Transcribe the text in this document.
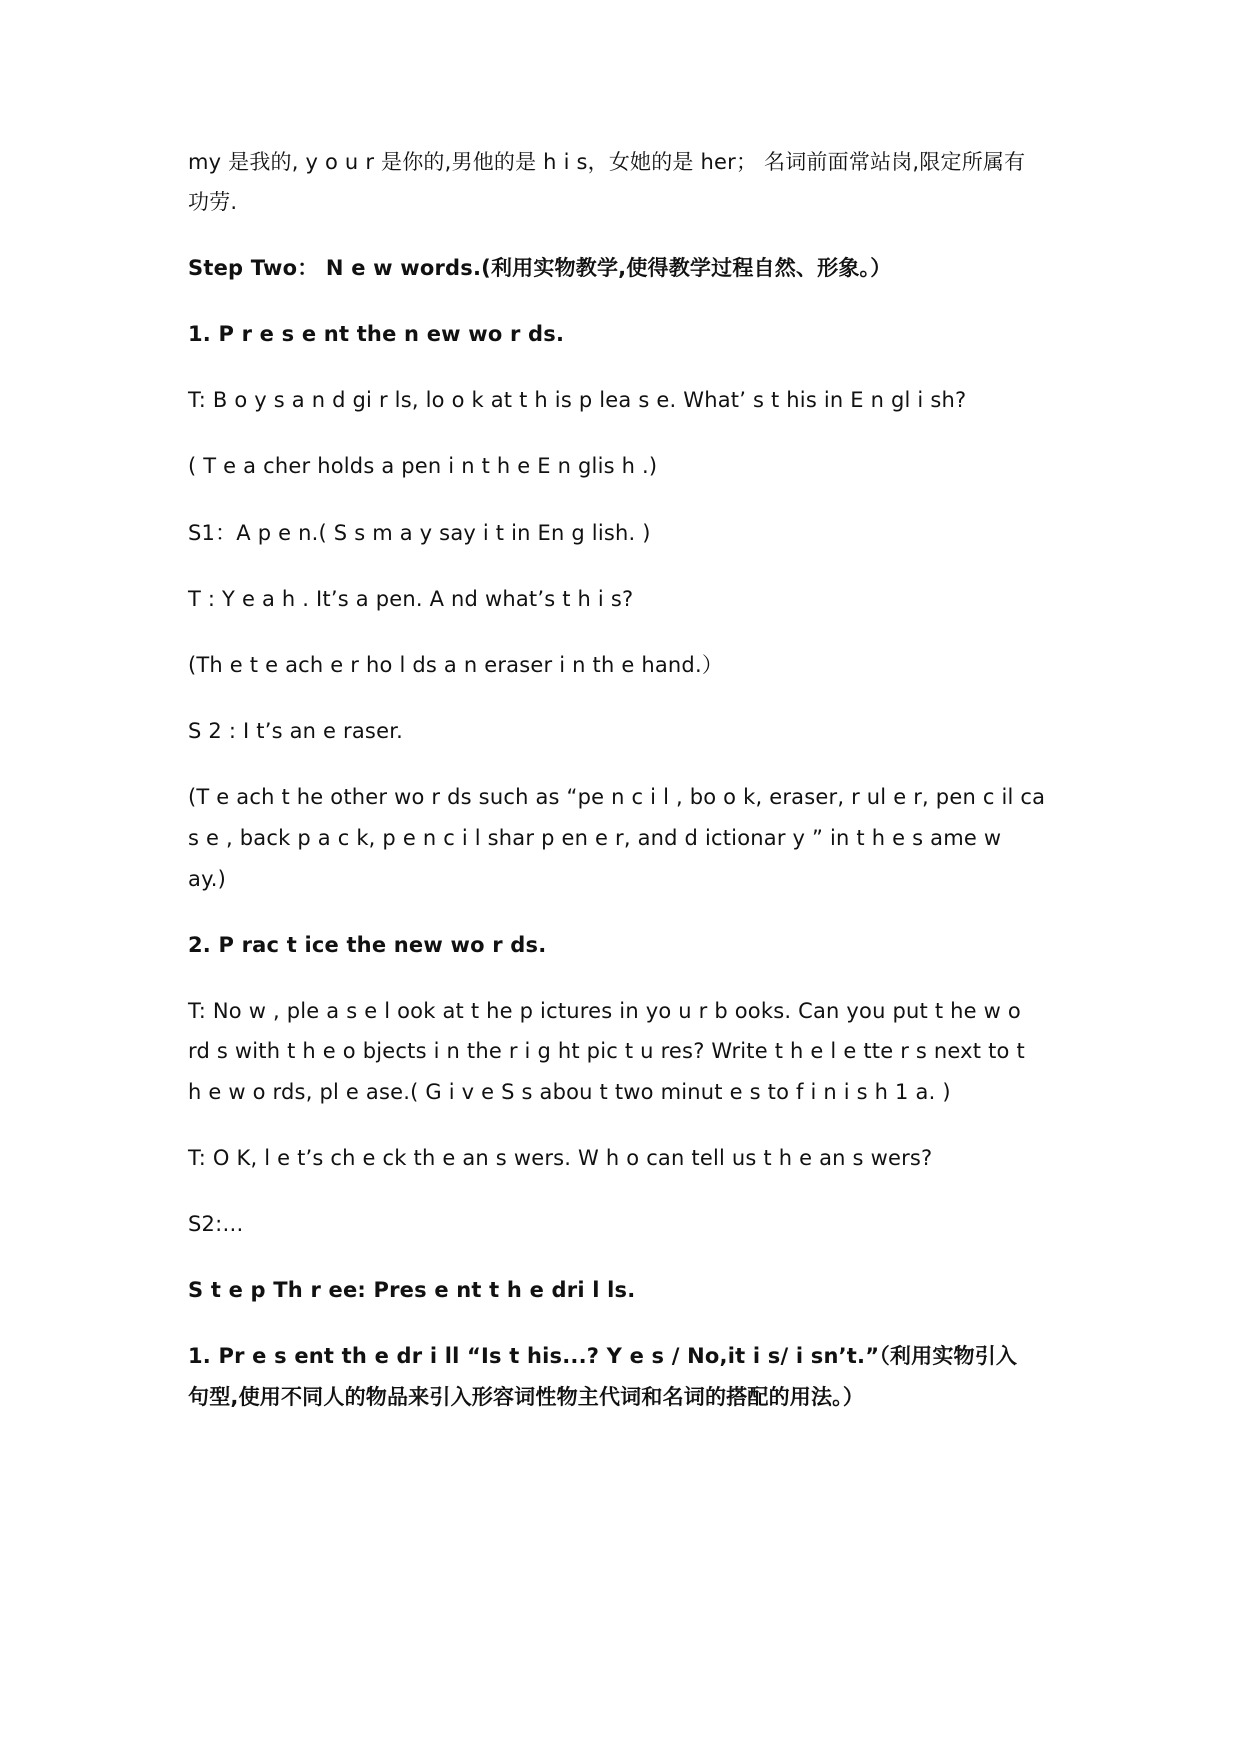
my 是我的, y o u r 是你的,男他的是 h i s，女她的是 her； 名词前面常站岗,限定所属有
功劳.
Step Two： N e w words.(利用实物教学,使得教学过程自然、形象。）
1. P r e s e nt the n ew wo r ds.
T: B o y s a n d gi r ls, lo o k at t h is p lea s e. What’ s t his in E n gl i sh?
( T e a cher holds a pen i n t h e E n glis h .)
S1：A p e n.( S s m a y say i t in En g lish. )
T : Y e a h . It’s a pen. A nd what’s t h i s?
(Th e t e ach e r ho l ds a n eraser i n th e hand.）
S 2 : I t’s an e raser.
(T e ach t he other wo r ds such as “pe n c i l , bo o k, eraser, r ul e r, pen c il ca
s e , back p a c k, p e n c i l shar p en e r, and d ictionar y ” in t h e s ame w
ay.)
2. P rac t ice the new wo r ds.
T: No w , ple a s e l ook at t he p ictures in yo u r b ooks. Can you put t he w o
rd s with t h e o bjects i n the r i g ht pic t u res? Write t h e l e tte r s next to t
h e w o rds, pl e ase.( G i v e S s abou t two minut e s to f i n i s h 1 a. )
T: O K, l e t’s ch e ck th e an s wers. W h o can tell us t h e an s wers?
S2:…
S t e p Th r ee: Pres e nt t h e dri l ls.
1. Pr e s ent th e dr i ll “Is t his...? Y e s / No,it i s/ i sn’t.”（利用实物引入
句型,使用不同人的物品来引入形容词性物主代词和名词的搭配的用法。）
